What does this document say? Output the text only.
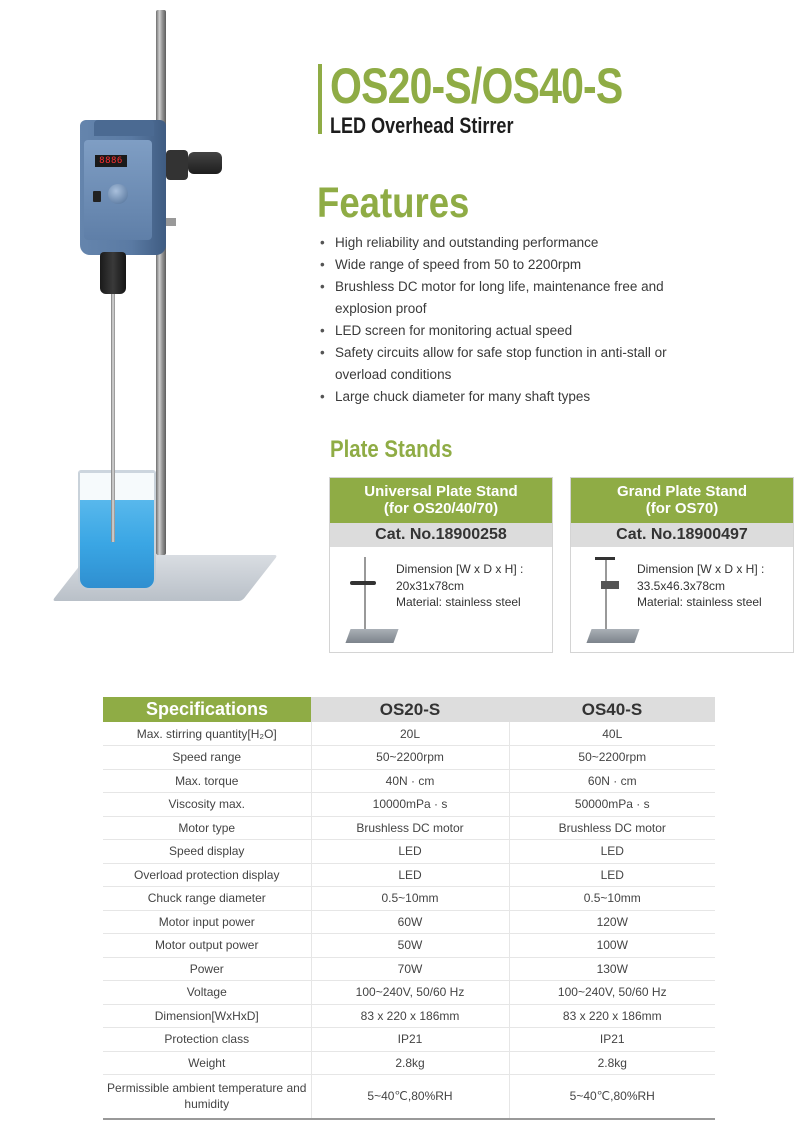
8886
OS20-S/OS40-S
LED Overhead Stirrer
Features
• High reliability and outstanding performance
• Wide range of speed from 50 to 2200rpm
• Brushless DC motor for long life, maintenance free and explosion proof
• LED screen for monitoring actual speed
• Safety circuits allow for safe stop function in anti-stall or overload conditions
• Large chuck diameter for many shaft types
Plate Stands
Universal Plate Stand
(for OS20/40/70)
Cat. No.18900258
Dimension [W x D x H] :
20x31x78cm
Material: stainless steel
Grand Plate Stand
(for OS70)
Cat. No.18900497
Dimension [W x D x H] :
33.5x46.3x78cm
Material: stainless steel
Specifications	OS20-S	OS40-S
Max. stirring quantity[H₂O]	20L	40L
Speed range	50~2200rpm	50~2200rpm
Max. torque	40N · cm	60N · cm
Viscosity max.	10000mPa · s	50000mPa · s
Motor type	Brushless DC motor	Brushless DC motor
Speed display	LED	LED
Overload protection display	LED	LED
Chuck range diameter	0.5~10mm	0.5~10mm
Motor input power	60W	120W
Motor output power	50W	100W
Power	70W	130W
Voltage	100~240V, 50/60 Hz	100~240V, 50/60 Hz
Dimension[WxHxD]	83 x 220 x 186mm	83 x 220 x 186mm
Protection class	IP21	IP21
Weight	2.8kg	2.8kg
Permissible ambient temperature and humidity	5~40℃,80%RH	5~40℃,80%RH
